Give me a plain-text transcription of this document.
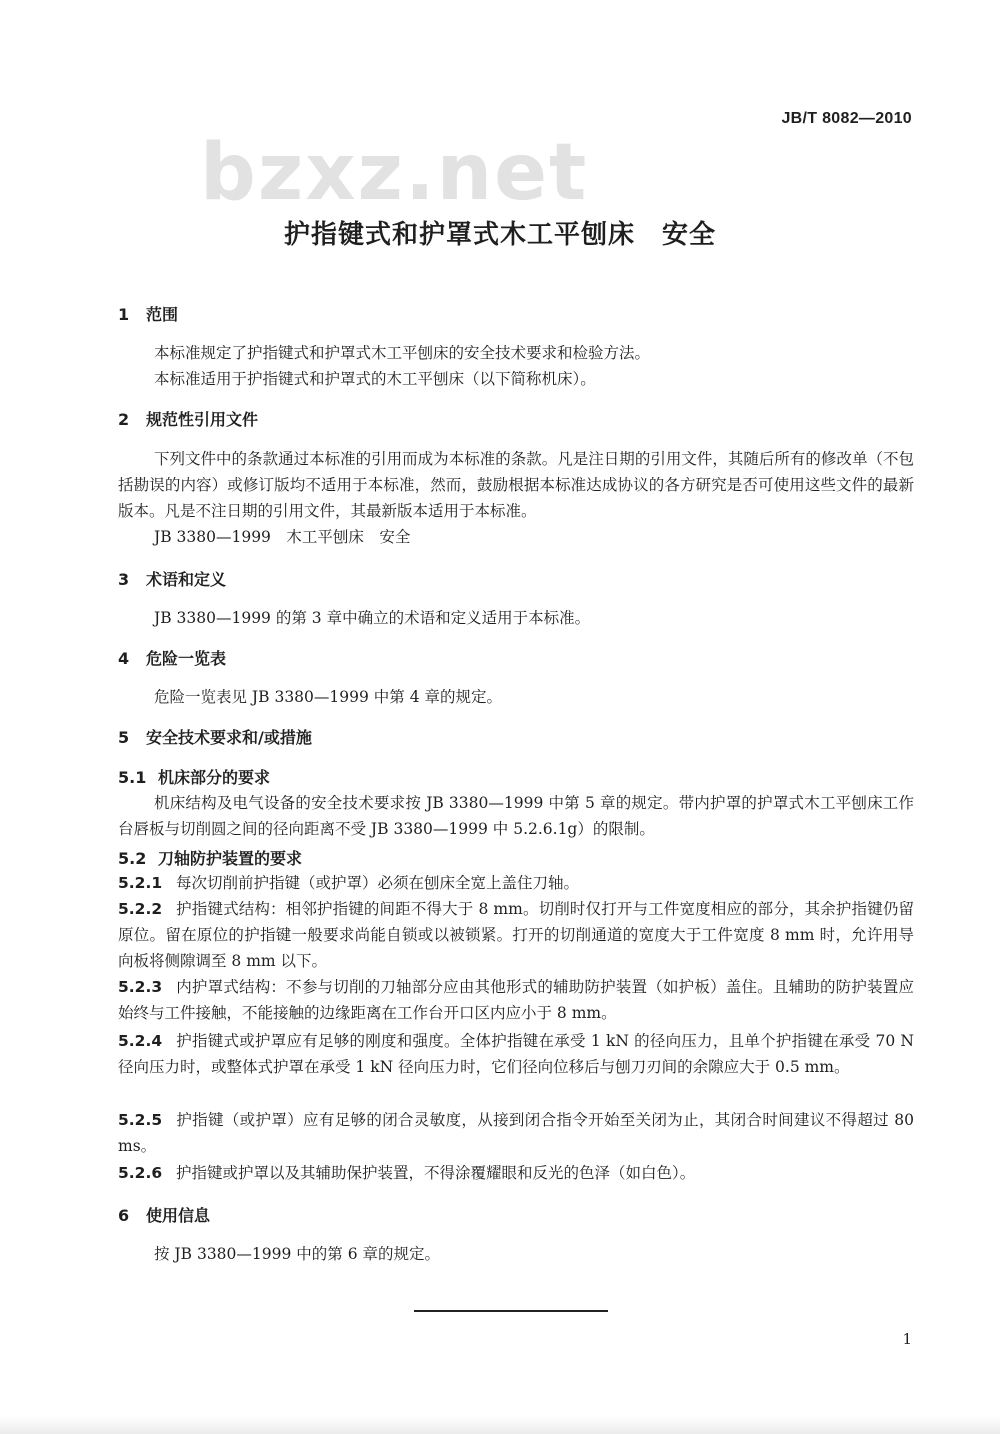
JB/T 8082—2010
bzxz.net
护指键式和护罩式木工平刨床　安全
1 范围
本标准规定了护指键式和护罩式木工平刨床的安全技术要求和检验方法。
本标准适用于护指键式和护罩式的木工平刨床（以下简称机床）。
2 规范性引用文件
下列文件中的条款通过本标准的引用而成为本标准的条款。凡是注日期的引用文件，其随后所有的修改单（不包括勘误的内容）或修订版均不适用于本标准，然而，鼓励根据本标准达成协议的各方研究是否可使用这些文件的最新版本。凡是不注日期的引用文件，其最新版本适用于本标准。
JB 3380—1999　木工平刨床　安全
3 术语和定义
JB 3380—1999 的第 3 章中确立的术语和定义适用于本标准。
4 危险一览表
危险一览表见 JB 3380—1999 中第 4 章的规定。
5 安全技术要求和/或措施
5.1 机床部分的要求
机床结构及电气设备的安全技术要求按 JB 3380—1999 中第 5 章的规定。带内护罩的护罩式木工平刨床工作台唇板与切削圆之间的径向距离不受 JB 3380—1999 中 5.2.6.1g）的限制。
5.2 刀轴防护装置的要求
5.2.1 每次切削前护指键（或护罩）必须在刨床全宽上盖住刀轴。
5.2.2 护指键式结构：相邻护指键的间距不得大于 8 mm。切削时仅打开与工件宽度相应的部分，其余护指键仍留原位。留在原位的护指键一般要求尚能自锁或以被锁紧。打开的切削通道的宽度大于工件宽度 8 mm 时，允许用导向板将侧隙调至 8 mm 以下。
5.2.3 内护罩式结构：不参与切削的刀轴部分应由其他形式的辅助防护装置（如护板）盖住。且辅助的防护装置应始终与工件接触，不能接触的边缘距离在工作台开口区内应小于 8 mm。
5.2.4 护指键式或护罩应有足够的刚度和强度。全体护指键在承受 1 kN 的径向压力，且单个护指键在承受 70 N 径向压力时，或整体式护罩在承受 1 kN 径向压力时，它们径向位移后与刨刀刃间的余隙应大于 0.5 mm。
5.2.5 护指键（或护罩）应有足够的闭合灵敏度，从接到闭合指令开始至关闭为止，其闭合时间建议不得超过 80 ms。
5.2.6 护指键或护罩以及其辅助保护装置，不得涂覆耀眼和反光的色泽（如白色）。
6 使用信息
按 JB 3380—1999 中的第 6 章的规定。
1
